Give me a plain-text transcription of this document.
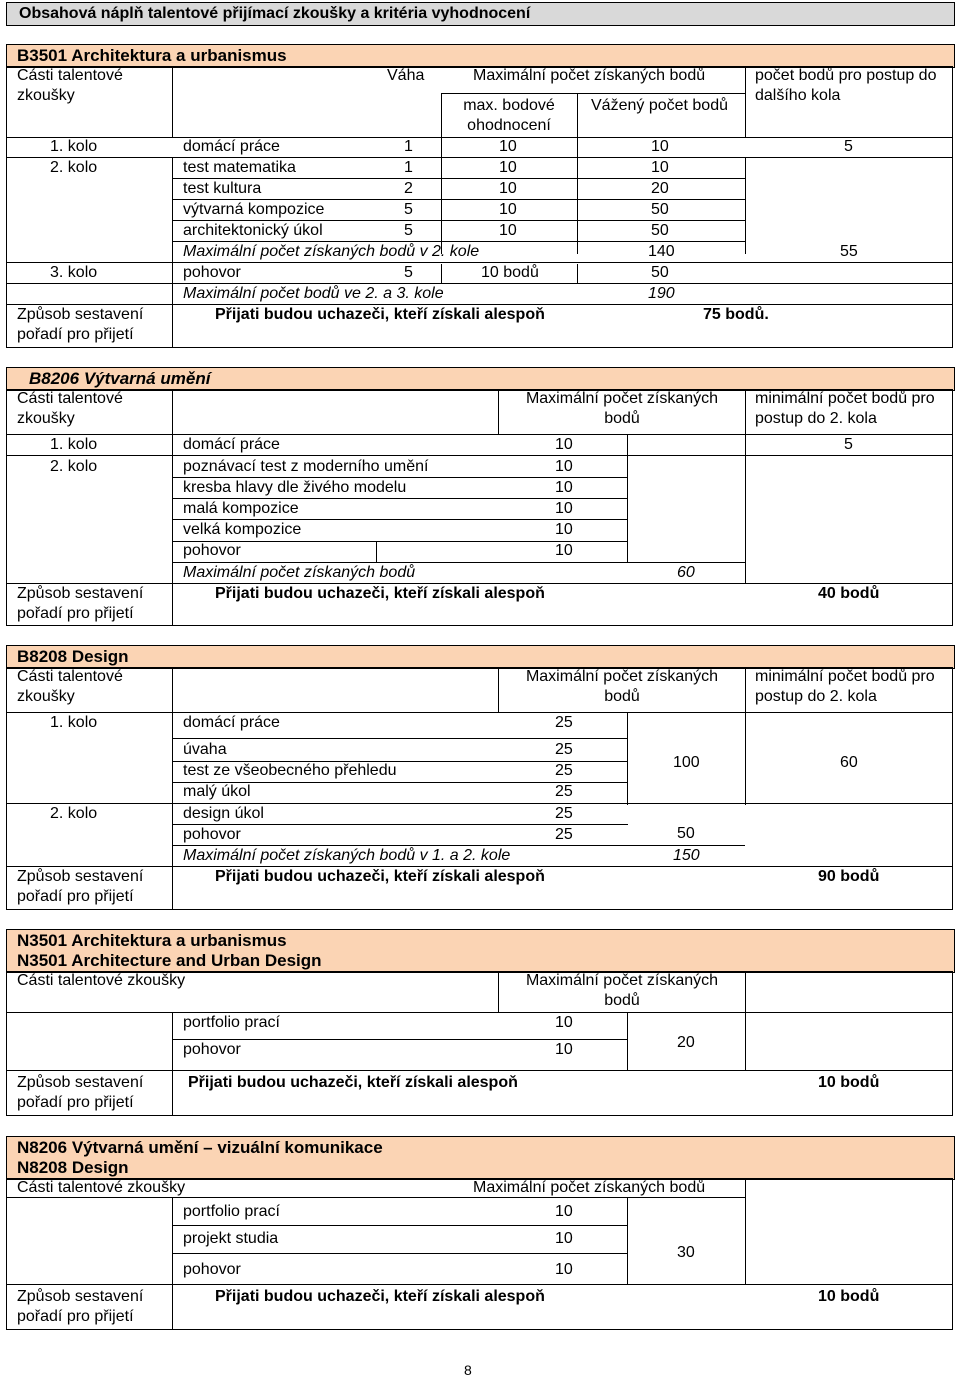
Obsahová náplň talentové přijímací zkoušky a kritéria vyhodnocení
B3501 Architektura a urbanismus
Části talentové zkoušky
Váha	Maximální počet získaných bodů
max. bodové ohodnocení
Vážený počet bodů
počet bodů pro postup do dalšího kola
1. kolo	domácí práce	1	10	10	5
2. kolo	test matematika	1	10	10
test kultura	2	10	20
výtvarná kompozice	5	10	50
architektonický úkol	5	10	50
Maximální počet získaných bodů v 2. kole	140	55
3. kolo	pohovor	5	10 bodů	50
Maximální počet bodů ve 2. a 3. kole	190
Způsob sestavení pořadí pro přijetí
Přijati budou uchazeči, kteří získali alespoň	75 bodů.
B8206 Výtvarná umění
Části talentové zkoušky
Maximální počet získaných bodů
minimální počet bodů pro postup do 2. kola
1. kolo	domácí práce	10	5
2. kolo	poznávací test z moderního umění	10
kresba hlavy dle živého modelu	10
malá kompozice	10
velká kompozice	10
pohovor	10
Maximální počet získaných bodů	60
Způsob sestavení pořadí pro přijetí
Přijati budou uchazeči, kteří získali alespoň	40 bodů
B8208 Design
Části talentové zkoušky
Maximální počet získaných bodů
minimální počet bodů pro postup do 2. kola
1. kolo	domácí práce	25
úvaha	25
test ze všeobecného přehledu	25
malý úkol	25
100	60
2. kolo	design úkol	25
pohovor	25	50
Maximální počet získaných bodů v 1. a 2. kole	150
Způsob sestavení pořadí pro přijetí
Přijati budou uchazeči, kteří získali alespoň	90 bodů
N3501 Architektura a urbanismus
N3501 Architecture and Urban Design
Části talentové zkoušky	Maximální počet získaných bodů
portfolio prací	10
pohovor	10	20
Způsob sestavení pořadí pro přijetí
Přijati budou uchazeči, kteří získali alespoň	10 bodů
N8206 Výtvarná umění – vizuální komunikace
N8208 Design
Části talentové zkoušky	Maximální počet získaných bodů
portfolio prací	10
projekt studia	10
pohovor	10
30
Způsob sestavení pořadí pro přijetí
Přijati budou uchazeči, kteří získali alespoň	10 bodů
8
